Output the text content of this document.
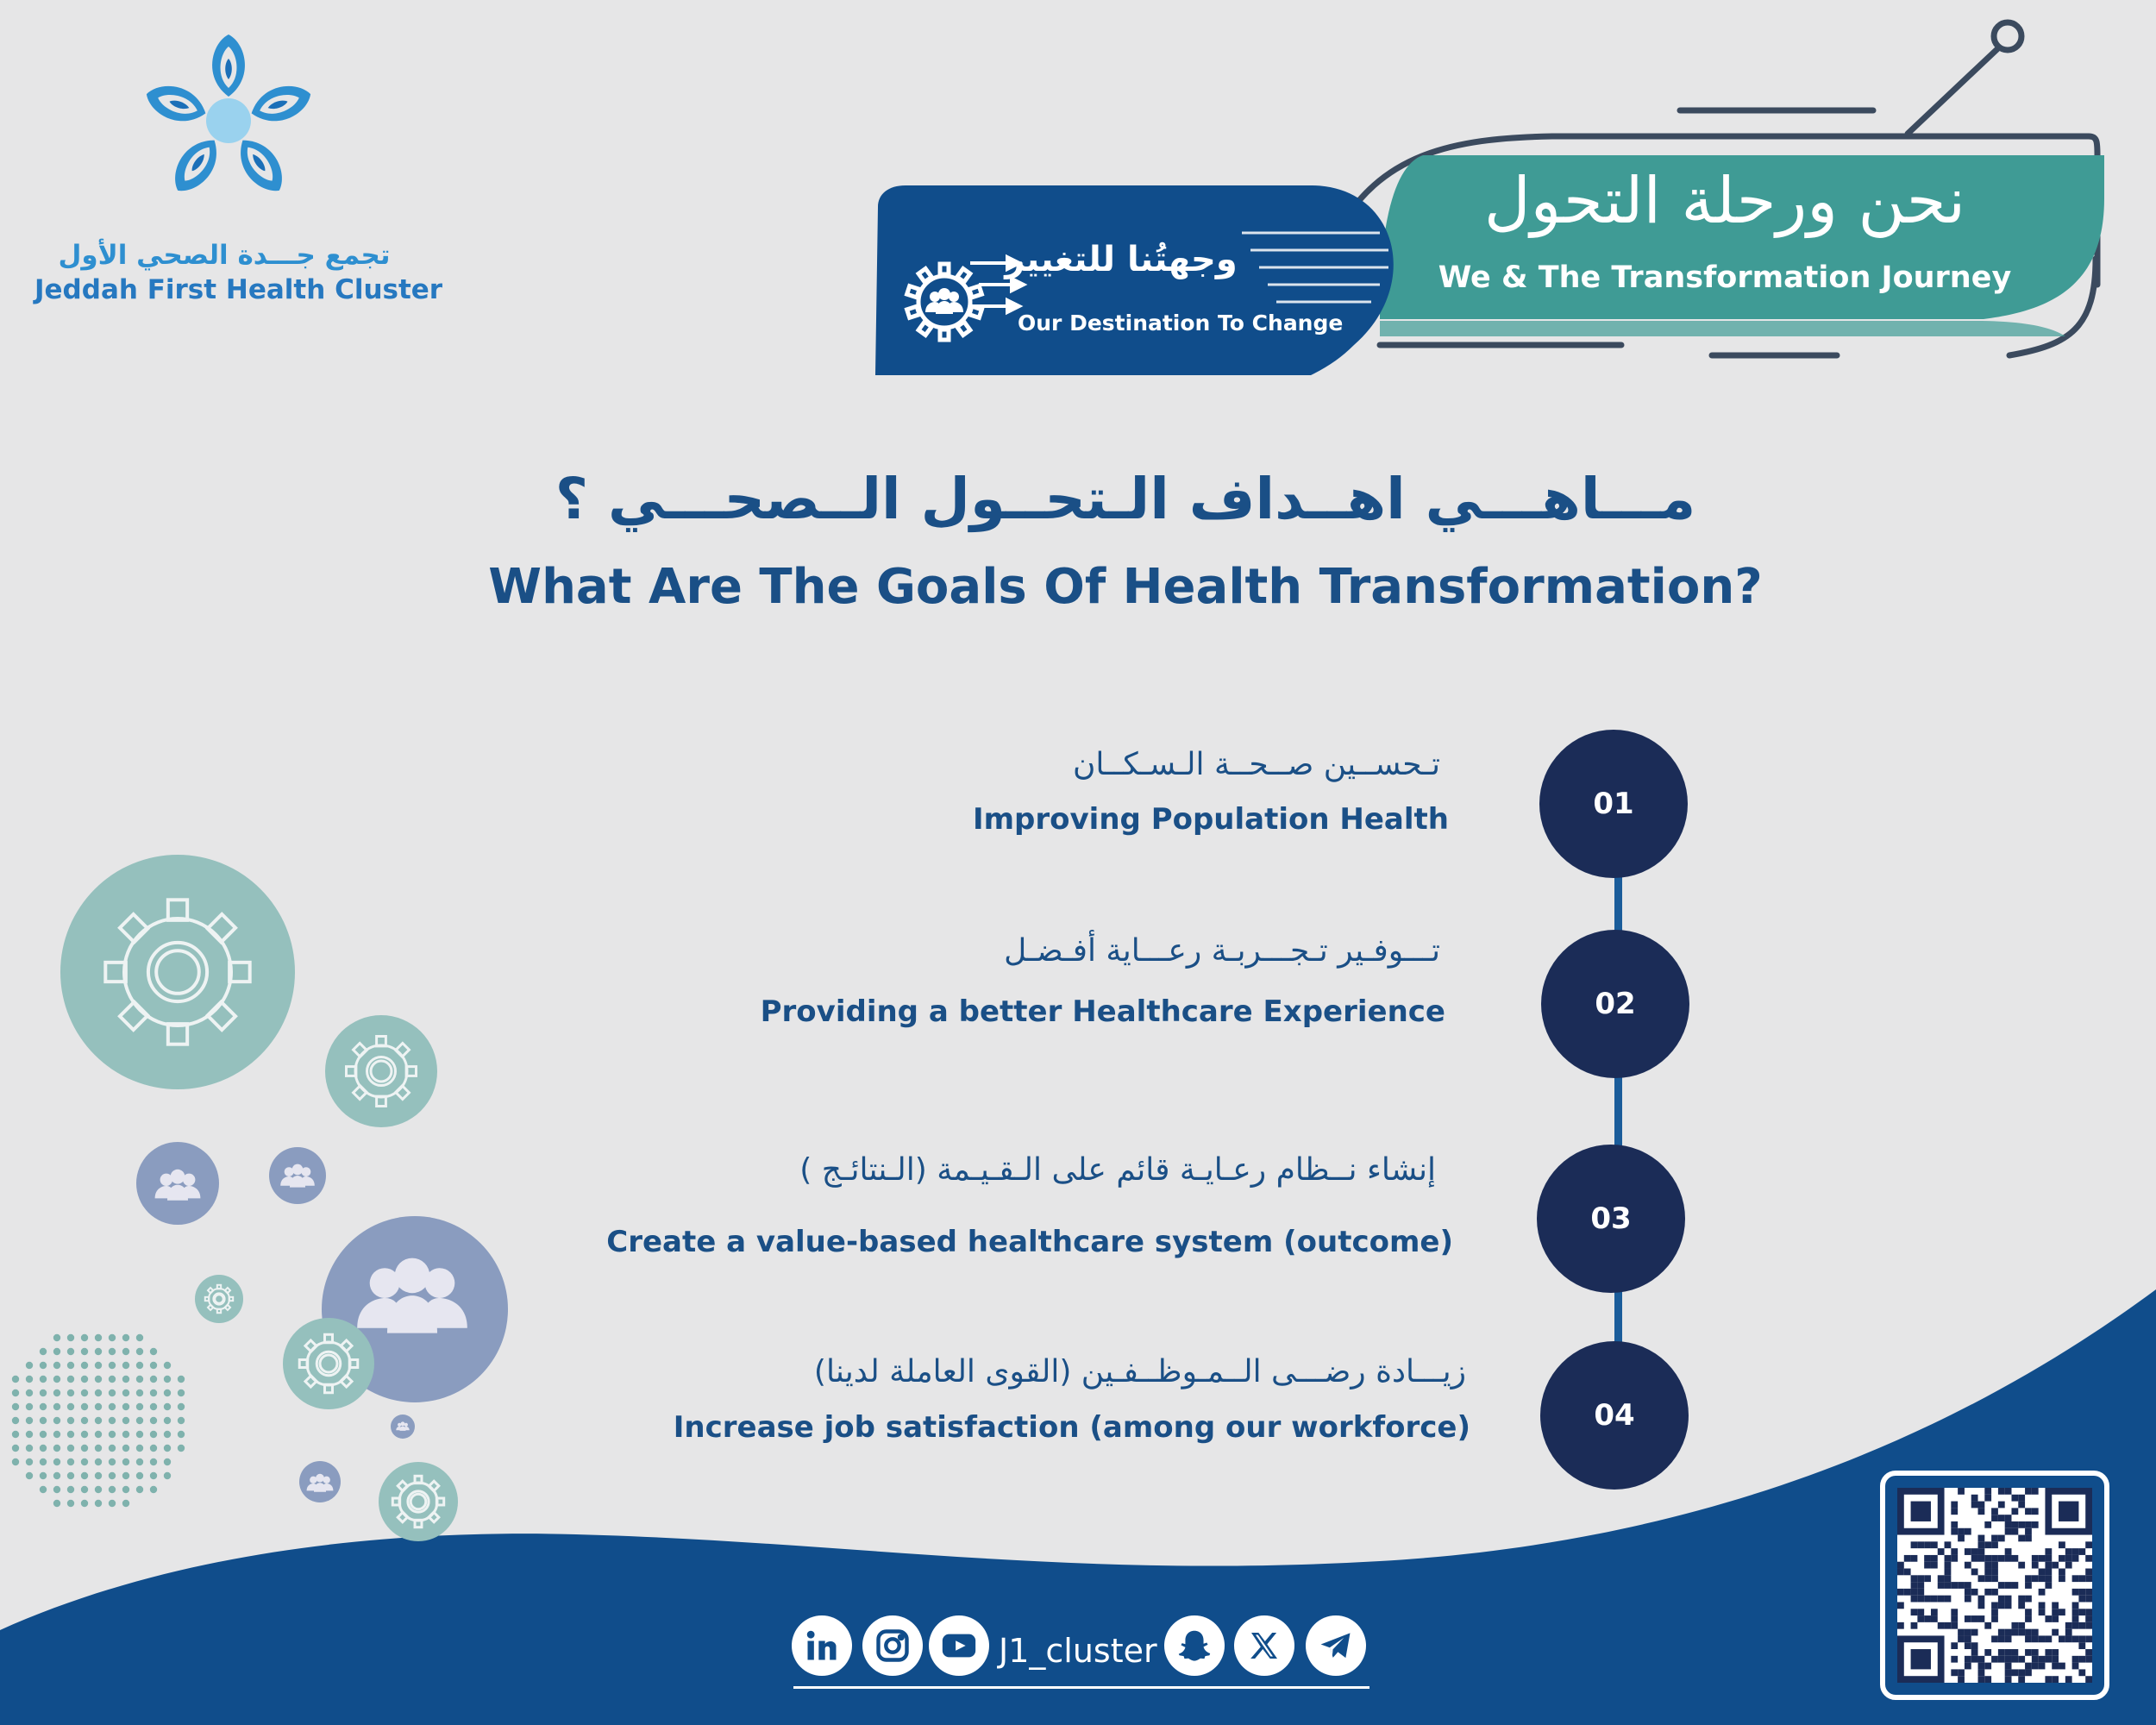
تجمع جـــدة الصحي الأول
Jeddah First Health Cluster
نحن ورحلة التحول
We & The Transformation Journey
وجهتُنا للتغيير
Our Destination To Change
مـــاهـــي اهــداف الـتحــول الــصحـــي ؟
What Are The Goals Of Health Transformation?
تـحســين صــحــة الـسـكــان
Improving Population Health	01
تـــوفـير تـجـــربـة رعـــاية أفـضـل
Providing a better Healthcare Experience	02
إنشاء نــظام رعـايـة قائم على الـقـيـمة (الـنتائـج )
Create a value-based healthcare system (outcome)
03
زيـــادة رضـــى الــمـوظــفـين (القوى العاملة لدينا)
Increase job satisfaction (among our workforce)	04
J1_cluster
